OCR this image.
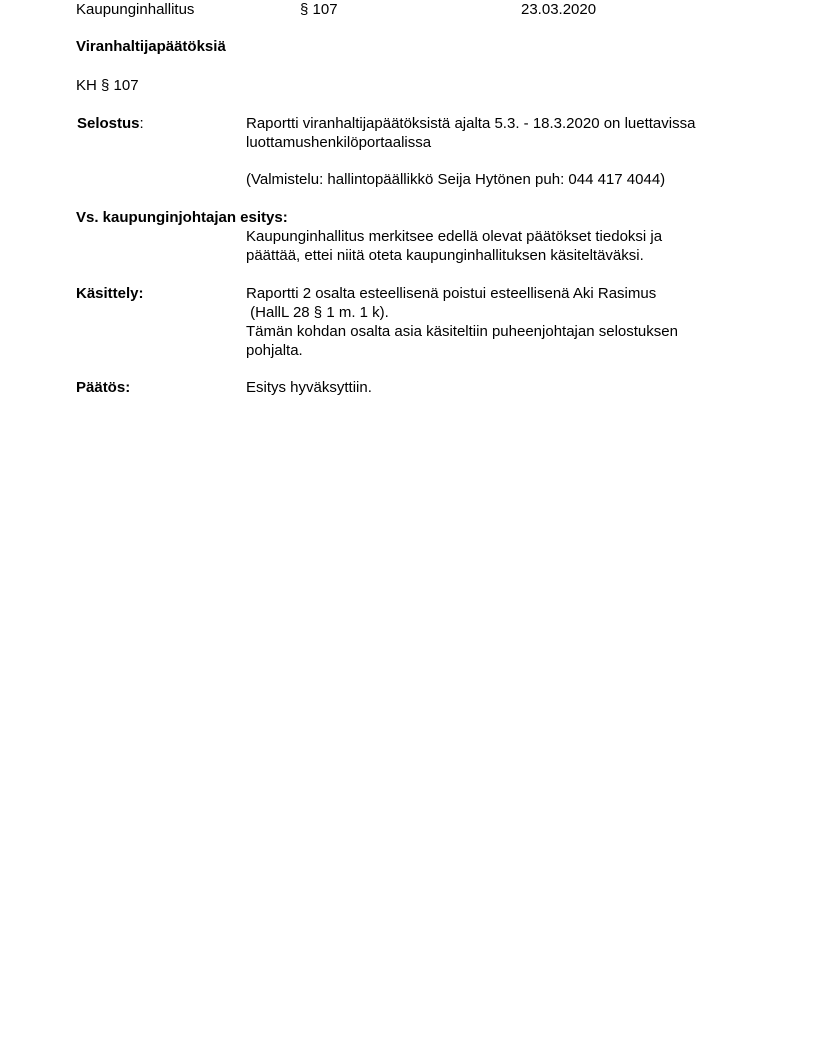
Kaupunginhallitus	§ 107	23.03.2020
Viranhaltijapäätöksiä
KH § 107
Selostus:	Raportti viranhaltijapäätöksistä ajalta 5.3. - 18.3.2020 on luettavissa
luottamushenkilöportaalissa
(Valmistelu: hallintopäällikkö Seija Hytönen puh: 044 417 4044)
Vs. kaupunginjohtajan esitys:
Kaupunginhallitus merkitsee edellä olevat päätökset tiedoksi ja
päättää, ettei niitä oteta kaupunginhallituksen käsiteltäväksi.
Käsittely:	Raportti 2 osalta esteellisenä poistui esteellisenä Aki Rasimus
(HallL 28 § 1 m. 1 k).
Tämän kohdan osalta asia käsiteltiin puheenjohtajan selostuksen
pohjalta.
Päätös:	Esitys hyväksyttiin.
